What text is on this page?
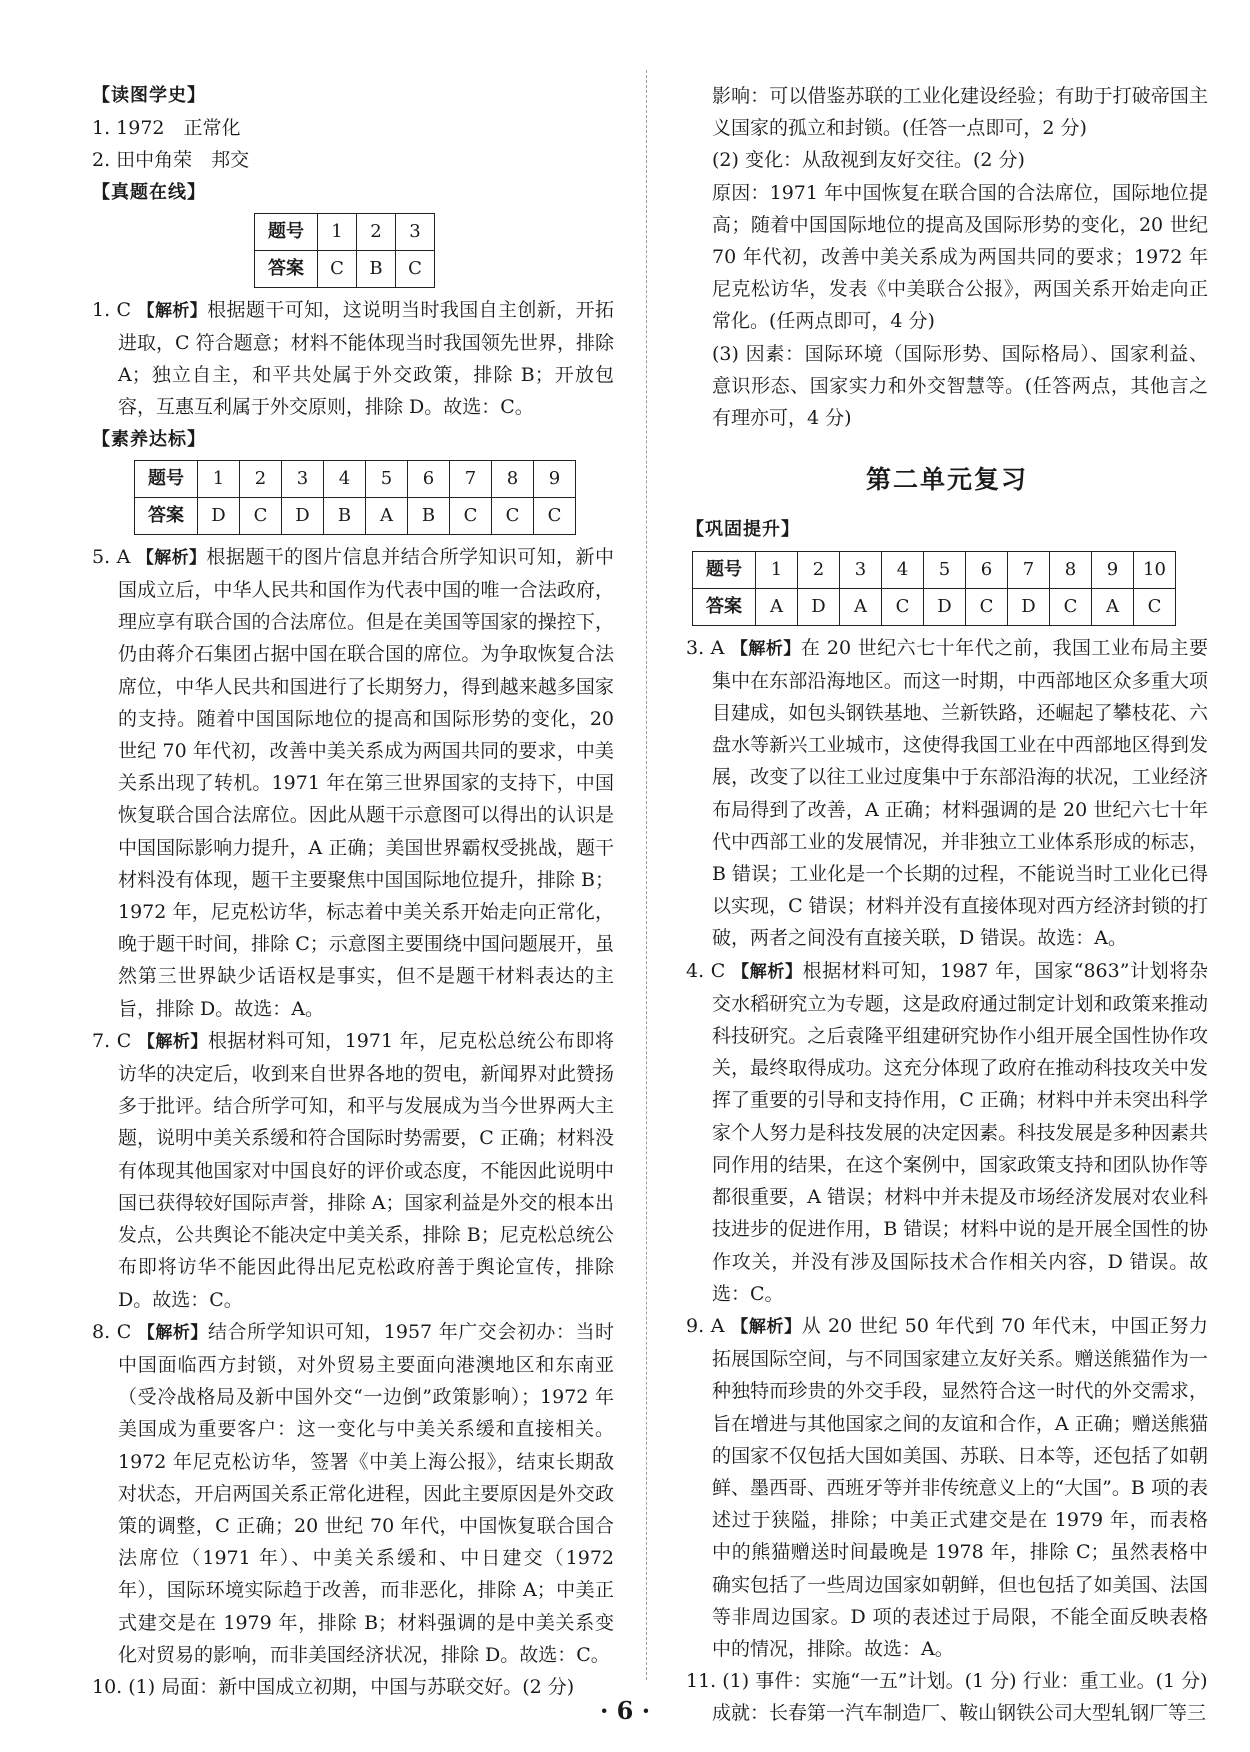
【读图学史】

1. 1972　正常化

2. 田中角荣　邦交

【真题在线】

题号	1	2	3
答案	C	B	C

1. C 【解析】根据题干可知，这说明当时我国自主创新，开拓进取，C 符合题意；材料不能体现当时我国领先世界，排除 A；独立自主，和平共处属于外交政策，排除 B；开放包容，互惠互利属于外交原则，排除 D。故选：C。

【素养达标】

题号	1	2	3	4	5	6	7	8	9
答案	D	C	D	B	A	B	C	C	C

5. A 【解析】根据题干的图片信息并结合所学知识可知，新中国成立后，中华人民共和国作为代表中国的唯一合法政府，理应享有联合国的合法席位。但是在美国等国家的操控下，仍由蒋介石集团占据中国在联合国的席位。为争取恢复合法席位，中华人民共和国进行了长期努力，得到越来越多国家的支持。随着中国国际地位的提高和国际形势的变化，20 世纪 70 年代初，改善中美关系成为两国共同的要求，中美关系出现了转机。1971 年在第三世界国家的支持下，中国恢复联合国合法席位。因此从题干示意图可以得出的认识是中国国际影响力提升，A 正确；美国世界霸权受挑战，题干材料没有体现，题干主要聚焦中国国际地位提升，排除 B；1972 年，尼克松访华，标志着中美关系开始走向正常化，晚于题干时间，排除 C；示意图主要围绕中国问题展开，虽然第三世界缺少话语权是事实，但不是题干材料表达的主旨，排除 D。故选：A。

7. C 【解析】根据材料可知，1971 年，尼克松总统公布即将访华的决定后，收到来自世界各地的贺电，新闻界对此赞扬多于批评。结合所学可知，和平与发展成为当今世界两大主题，说明中美关系缓和符合国际时势需要，C 正确；材料没有体现其他国家对中国良好的评价或态度，不能因此说明中国已获得较好国际声誉，排除 A；国家利益是外交的根本出发点，公共舆论不能决定中美关系，排除 B；尼克松总统公布即将访华不能因此得出尼克松政府善于舆论宣传，排除 D。故选：C。

8. C 【解析】结合所学知识可知，1957 年广交会初办：当时中国面临西方封锁，对外贸易主要面向港澳地区和东南亚（受冷战格局及新中国外交“一边倒”政策影响）；1972 年美国成为重要客户：这一变化与中美关系缓和直接相关。1972 年尼克松访华，签署《中美上海公报》，结束长期敌对状态，开启两国关系正常化进程，因此主要原因是外交政策的调整，C 正确；20 世纪 70 年代，中国恢复联合国合法席位（1971 年）、中美关系缓和、中日建交（1972 年），国际环境实际趋于改善，而非恶化，排除 A；中美正式建交是在 1979 年，排除 B；材料强调的是中美关系变化对贸易的影响，而非美国经济状况，排除 D。故选：C。

10. (1) 局面：新中国成立初期，中国与苏联交好。(2 分)

影响：可以借鉴苏联的工业化建设经验；有助于打破帝国主义国家的孤立和封锁。(任答一点即可，2 分)

(2) 变化：从敌视到友好交往。(2 分)

原因：1971 年中国恢复在联合国的合法席位，国际地位提高；随着中国国际地位的提高及国际形势的变化，20 世纪 70 年代初，改善中美关系成为两国共同的要求；1972 年尼克松访华，发表《中美联合公报》，两国关系开始走向正常化。(任两点即可，4 分)

(3) 因素：国际环境（国际形势、国际格局）、国家利益、意识形态、国家实力和外交智慧等。(任答两点，其他言之有理亦可，4 分)

第二单元复习

【巩固提升】

题号	1	2	3	4	5	6	7	8	9	10
答案	A	D	A	C	D	C	D	C	A	C

3. A 【解析】在 20 世纪六七十年代之前，我国工业布局主要集中在东部沿海地区。而这一时期，中西部地区众多重大项目建成，如包头钢铁基地、兰新铁路，还崛起了攀枝花、六盘水等新兴工业城市，这使得我国工业在中西部地区得到发展，改变了以往工业过度集中于东部沿海的状况，工业经济布局得到了改善，A 正确；材料强调的是 20 世纪六七十年代中西部工业的发展情况，并非独立工业体系形成的标志，B 错误；工业化是一个长期的过程，不能说当时工业化已得以实现，C 错误；材料并没有直接体现对西方经济封锁的打破，两者之间没有直接关联，D 错误。故选：A。

4. C 【解析】根据材料可知，1987 年，国家“863”计划将杂交水稻研究立为专题，这是政府通过制定计划和政策来推动科技研究。之后袁隆平组建研究协作小组开展全国性协作攻关，最终取得成功。这充分体现了政府在推动科技攻关中发挥了重要的引导和支持作用，C 正确；材料中并未突出科学家个人努力是科技发展的决定因素。科技发展是多种因素共同作用的结果，在这个案例中，国家政策支持和团队协作等都很重要，A 错误；材料中并未提及市场经济发展对农业科技进步的促进作用，B 错误；材料中说的是开展全国性的协作攻关，并没有涉及国际技术合作相关内容，D 错误。故选：C。

9. A 【解析】从 20 世纪 50 年代到 70 年代末，中国正努力拓展国际空间，与不同国家建立友好关系。赠送熊猫作为一种独特而珍贵的外交手段，显然符合这一时代的外交需求，旨在增进与其他国家之间的友谊和合作，A 正确；赠送熊猫的国家不仅包括大国如美国、苏联、日本等，还包括了如朝鲜、墨西哥、西班牙等并非传统意义上的“大国”。B 项的表述过于狭隘，排除；中美正式建交是在 1979 年，而表格中的熊猫赠送时间最晚是 1978 年，排除 C；虽然表格中确实包括了一些周边国家如朝鲜，但也包括了如美国、法国等非周边国家。D 项的表述过于局限，不能全面反映表格中的情况，排除。故选：A。

11. (1) 事件：实施“一五”计划。(1 分) 行业：重工业。(1 分)

成就：长春第一汽车制造厂、鞍山钢铁公司大型轧钢厂等三

· 6 ·
